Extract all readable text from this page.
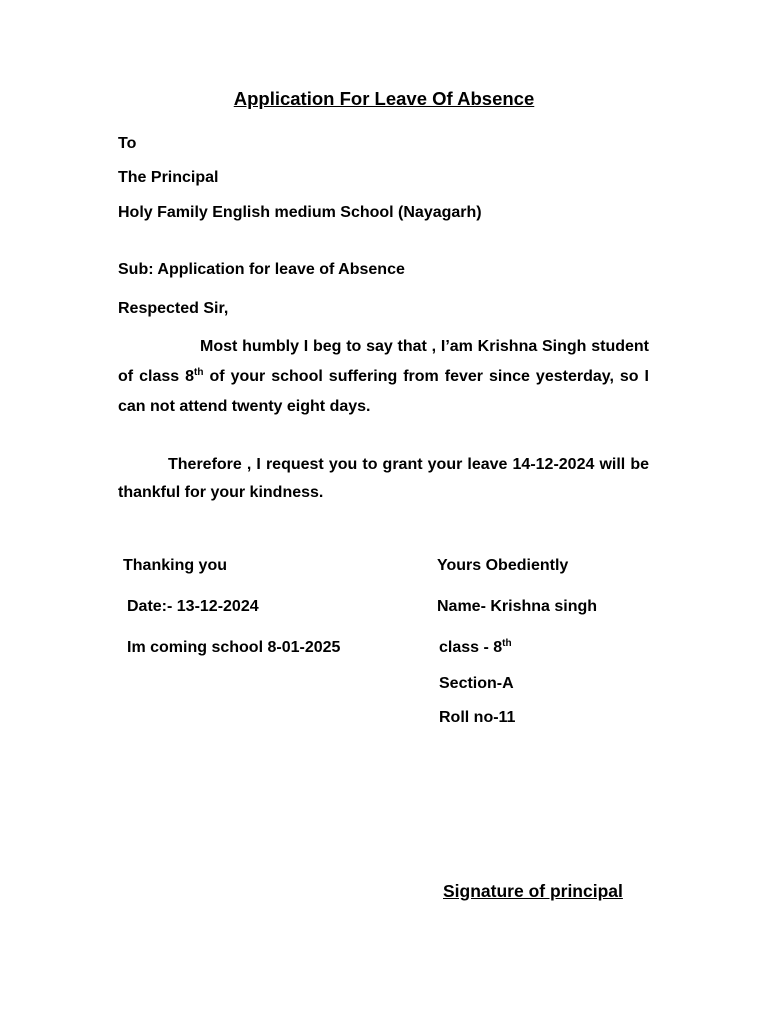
Application For Leave Of Absence
To
The Principal
Holy Family English medium School (Nayagarh)
Sub: Application for leave of Absence
Respected Sir,
Most humbly I beg to say that , I’am Krishna Singh student of class 8th of your school suffering from fever since yesterday, so I can not attend twenty eight days.
Therefore , I request you to grant your leave 14-12-2024 will be thankful for your kindness.
Thanking you
Date:- 13-12-2024
Im coming school 8-01-2025
Yours Obediently
Name- Krishna singh
class - 8th
Section-A
Roll no-11
Signature of principal
